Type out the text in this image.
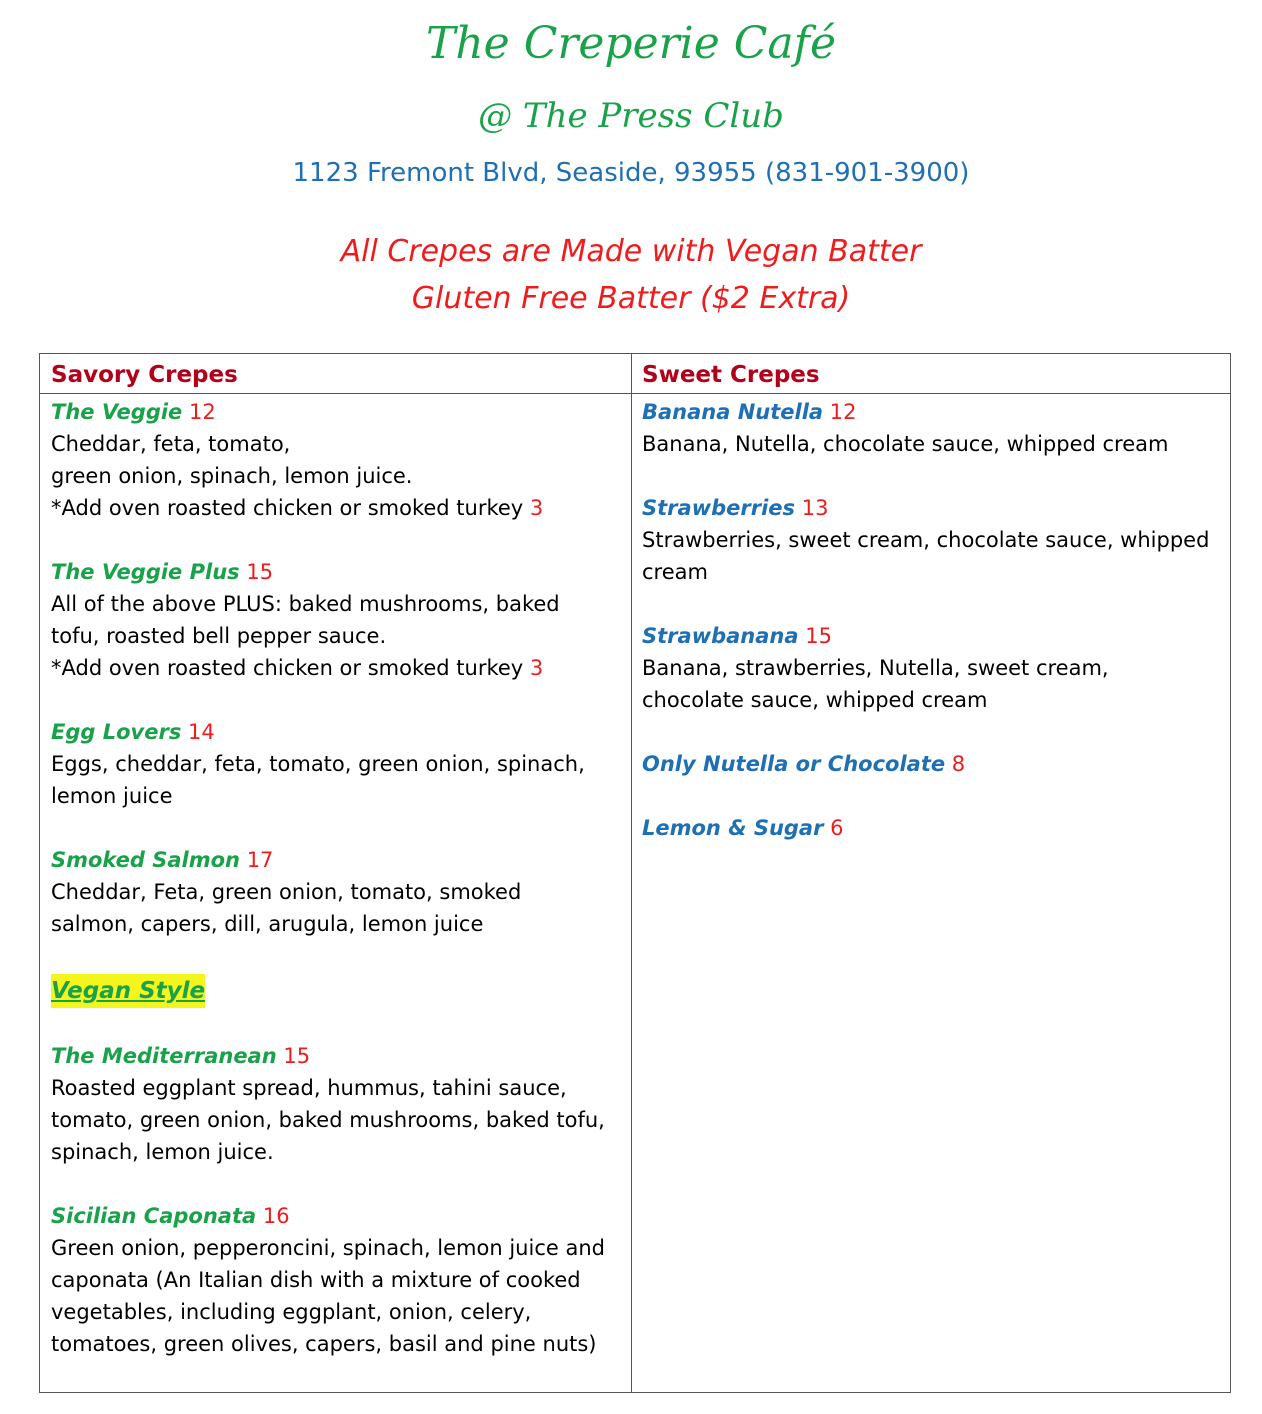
The Creperie Café
@ The Press Club
1123 Fremont Blvd, Seaside, 93955 (831-901-3900)
All Crepes are Made with Vegan Batter
Gluten Free Batter ($2 Extra)
Savory Crepes
The Veggie 12
Cheddar, feta, tomato,
green onion, spinach, lemon juice.
*Add oven roasted chicken or smoked turkey 3
The Veggie Plus 15
All of the above PLUS: baked mushrooms, baked
tofu, roasted bell pepper sauce.
*Add oven roasted chicken or smoked turkey 3
Egg Lovers 14
Eggs, cheddar, feta, tomato, green onion, spinach,
lemon juice
Smoked Salmon 17
Cheddar, Feta, green onion, tomato, smoked
salmon, capers, dill, arugula, lemon juice
Vegan Style
The Mediterranean 15
Roasted eggplant spread, hummus, tahini sauce,
tomato, green onion, baked mushrooms, baked tofu,
spinach, lemon juice.
Sicilian Caponata 16
Green onion, pepperoncini, spinach, lemon juice and
caponata (An Italian dish with a mixture of cooked
vegetables, including eggplant, onion, celery,
tomatoes, green olives, capers, basil and pine nuts)
Sweet Crepes
Banana Nutella 12
Banana, Nutella, chocolate sauce, whipped cream
Strawberries 13
Strawberries, sweet cream, chocolate sauce, whipped
cream
Strawbanana 15
Banana, strawberries, Nutella, sweet cream,
chocolate sauce, whipped cream
Only Nutella or Chocolate 8
Lemon & Sugar 6
